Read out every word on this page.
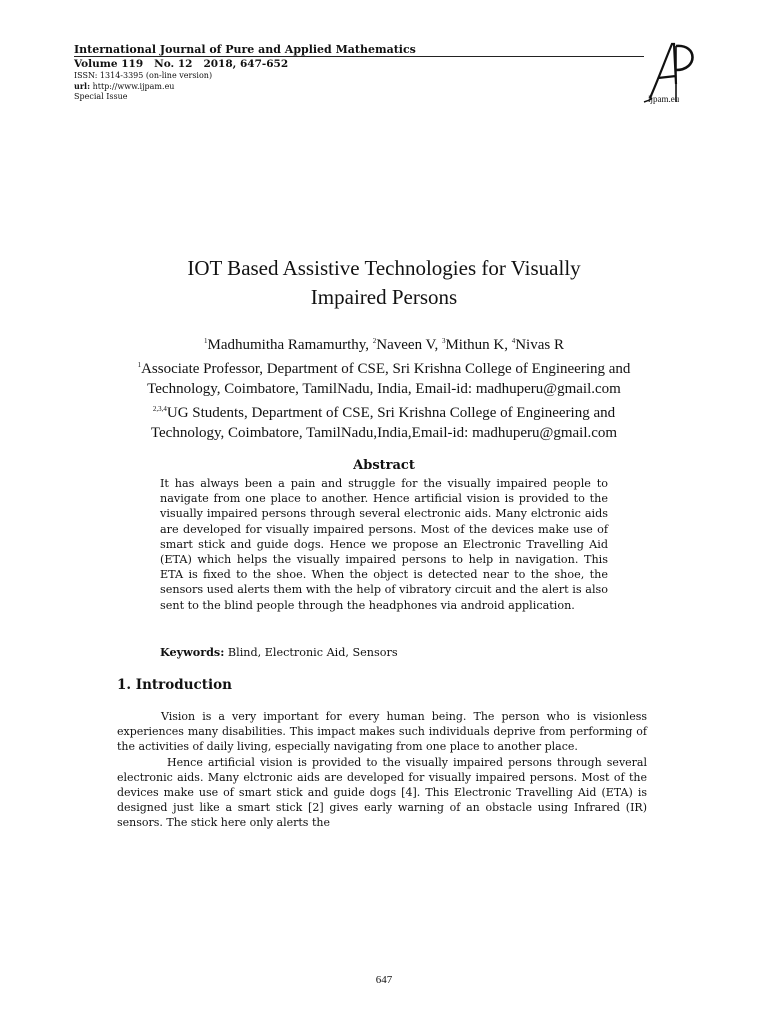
International Journal of Pure and Applied Mathematics
Volume 119   No. 12   2018, 647-652
ISSN: 1314-3395 (on-line version)
url: http://www.ijpam.eu
Special Issue	ijpam.eu
IOT Based Assistive Technologies for Visually
Impaired Persons
$^1$Madhumitha Ramamurthy, $^2$Naveen V, $^3$Mithun K, $^4$Nivas R
$^1$Associate Professor, Department of CSE, Sri Krishna College of Engineering and
Technology, Coimbatore, TamilNadu, India, Email-id: madhuperu@gmail.com
$^{2,3,4}$UG Students, Department of CSE, Sri Krishna College of Engineering and
Technology, Coimbatore, TamilNadu,India,Email-id: madhuperu@gmail.com
Abstract
It has always been a pain and struggle for the visually impaired people to navigate from one place to another. Hence artificial vision is provided to the visually impaired persons through several electronic aids. Many elctronic aids are developed for visually impaired persons. Most of the devices make use of smart stick and guide dogs. Hence we propose an Electronic Travelling Aid (ETA) which helps the visually impaired persons to help in navigation. This ETA is fixed to the shoe. When the object is detected near to the shoe, the sensors used alerts them with the help of vibratory circuit and the alert is also sent to the blind people through the headphones via android application.
Keywords: Blind, Electronic Aid, Sensors
1. Introduction

Vision is a very important for every human being. The person who is visionless experiences many disabilities. This impact makes such individuals deprive from performing of the activities of daily living, especially navigating from one place to another place.

Hence artificial vision is provided to the visually impaired persons through several electronic aids. Many elctronic aids are developed for visually impaired persons. Most of the devices make use of smart stick and guide dogs [4]. This Electronic Travelling Aid (ETA) is designed just like a smart stick [2] gives early warning of an obstacle using Infrared (IR) sensors. The stick here only alerts the

647
